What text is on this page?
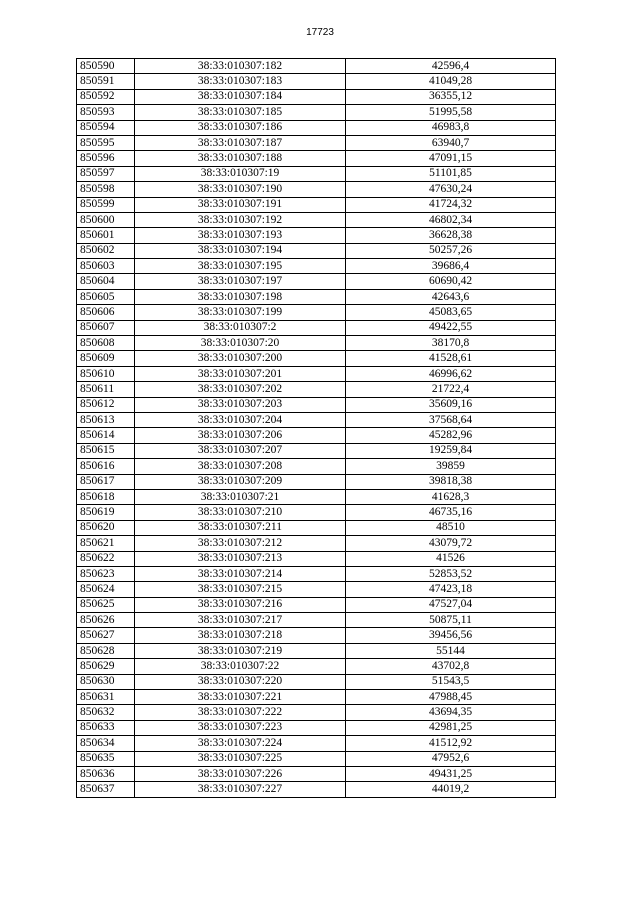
17723
850590	38:33:010307:182	42596,4
850591	38:33:010307:183	41049,28
850592	38:33:010307:184	36355,12
850593	38:33:010307:185	51995,58
850594	38:33:010307:186	46983,8
850595	38:33:010307:187	63940,7
850596	38:33:010307:188	47091,15
850597	38:33:010307:19	51101,85
850598	38:33:010307:190	47630,24
850599	38:33:010307:191	41724,32
850600	38:33:010307:192	46802,34
850601	38:33:010307:193	36628,38
850602	38:33:010307:194	50257,26
850603	38:33:010307:195	39686,4
850604	38:33:010307:197	60690,42
850605	38:33:010307:198	42643,6
850606	38:33:010307:199	45083,65
850607	38:33:010307:2	49422,55
850608	38:33:010307:20	38170,8
850609	38:33:010307:200	41528,61
850610	38:33:010307:201	46996,62
850611	38:33:010307:202	21722,4
850612	38:33:010307:203	35609,16
850613	38:33:010307:204	37568,64
850614	38:33:010307:206	45282,96
850615	38:33:010307:207	19259,84
850616	38:33:010307:208	39859
850617	38:33:010307:209	39818,38
850618	38:33:010307:21	41628,3
850619	38:33:010307:210	46735,16
850620	38:33:010307:211	48510
850621	38:33:010307:212	43079,72
850622	38:33:010307:213	41526
850623	38:33:010307:214	52853,52
850624	38:33:010307:215	47423,18
850625	38:33:010307:216	47527,04
850626	38:33:010307:217	50875,11
850627	38:33:010307:218	39456,56
850628	38:33:010307:219	55144
850629	38:33:010307:22	43702,8
850630	38:33:010307:220	51543,5
850631	38:33:010307:221	47988,45
850632	38:33:010307:222	43694,35
850633	38:33:010307:223	42981,25
850634	38:33:010307:224	41512,92
850635	38:33:010307:225	47952,6
850636	38:33:010307:226	49431,25
850637	38:33:010307:227	44019,2
